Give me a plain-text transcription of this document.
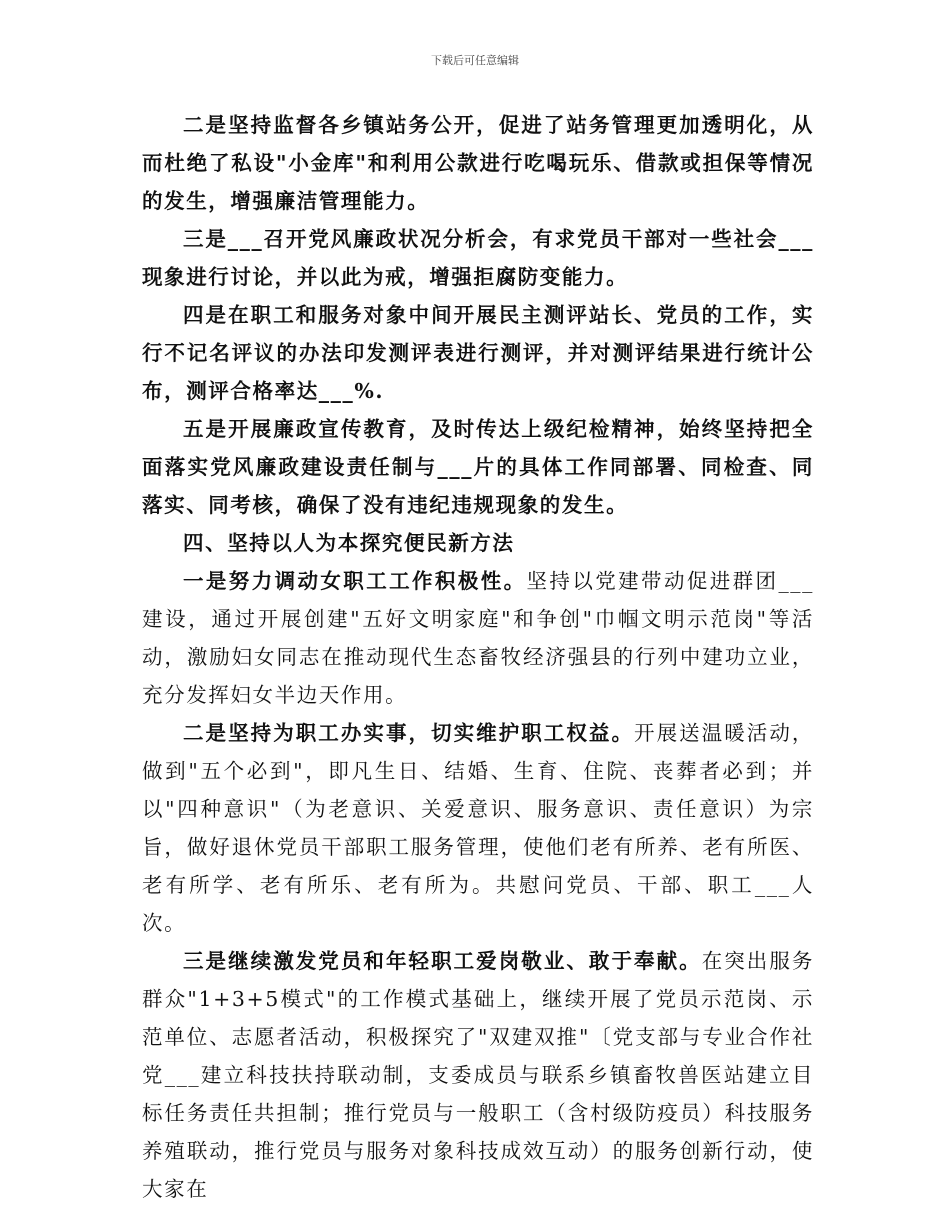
下载后可任意编辑

二是坚持监督各乡镇站务公开，促进了站务管理更加透明化，从而杜绝了私设"小金库"和利用公款进行吃喝玩乐、借款或担保等情况的发生，增强廉洁管理能力。

三是___召开党风廉政状况分析会，有求党员干部对一些社会___现象进行讨论，并以此为戒，增强拒腐防变能力。

四是在职工和服务对象中间开展民主测评站长、党员的工作，实行不记名评议的办法印发测评表进行测评，并对测评结果进行统计公布，测评合格率达___%.

五是开展廉政宣传教育，及时传达上级纪检精神，始终坚持把全面落实党风廉政建设责任制与___片的具体工作同部署、同检查、同落实、同考核，确保了没有违纪违规现象的发生。

四、坚持以人为本探究便民新方法

一是努力调动女职工工作积极性。坚持以党建带动促进群团___建设，通过开展创建"五好文明家庭"和争创"巾帼文明示范岗"等活动，激励妇女同志在推动现代生态畜牧经济强县的行列中建功立业，充分发挥妇女半边天作用。

二是坚持为职工办实事，切实维护职工权益。开展送温暖活动，做到"五个必到"，即凡生日、结婚、生育、住院、丧葬者必到；并以"四种意识"（为老意识、关爱意识、服务意识、责任意识）为宗旨，做好退休党员干部职工服务管理，使他们老有所养、老有所医、老有所学、老有所乐、老有所为。共慰问党员、干部、职工___人次。

三是继续激发党员和年轻职工爱岗敬业、敢于奉献。在突出服务群众"1+3+5模式"的工作模式基础上，继续开展了党员示范岗、示范单位、志愿者活动，积极探究了"双建双推"〔党支部与专业合作社党___建立科技扶持联动制，支委成员与联系乡镇畜牧兽医站建立目标任务责任共担制；推行党员与一般职工（含村级防疫员）科技服务养殖联动，推行党员与服务对象科技成效互动）的服务创新行动，使大家在
